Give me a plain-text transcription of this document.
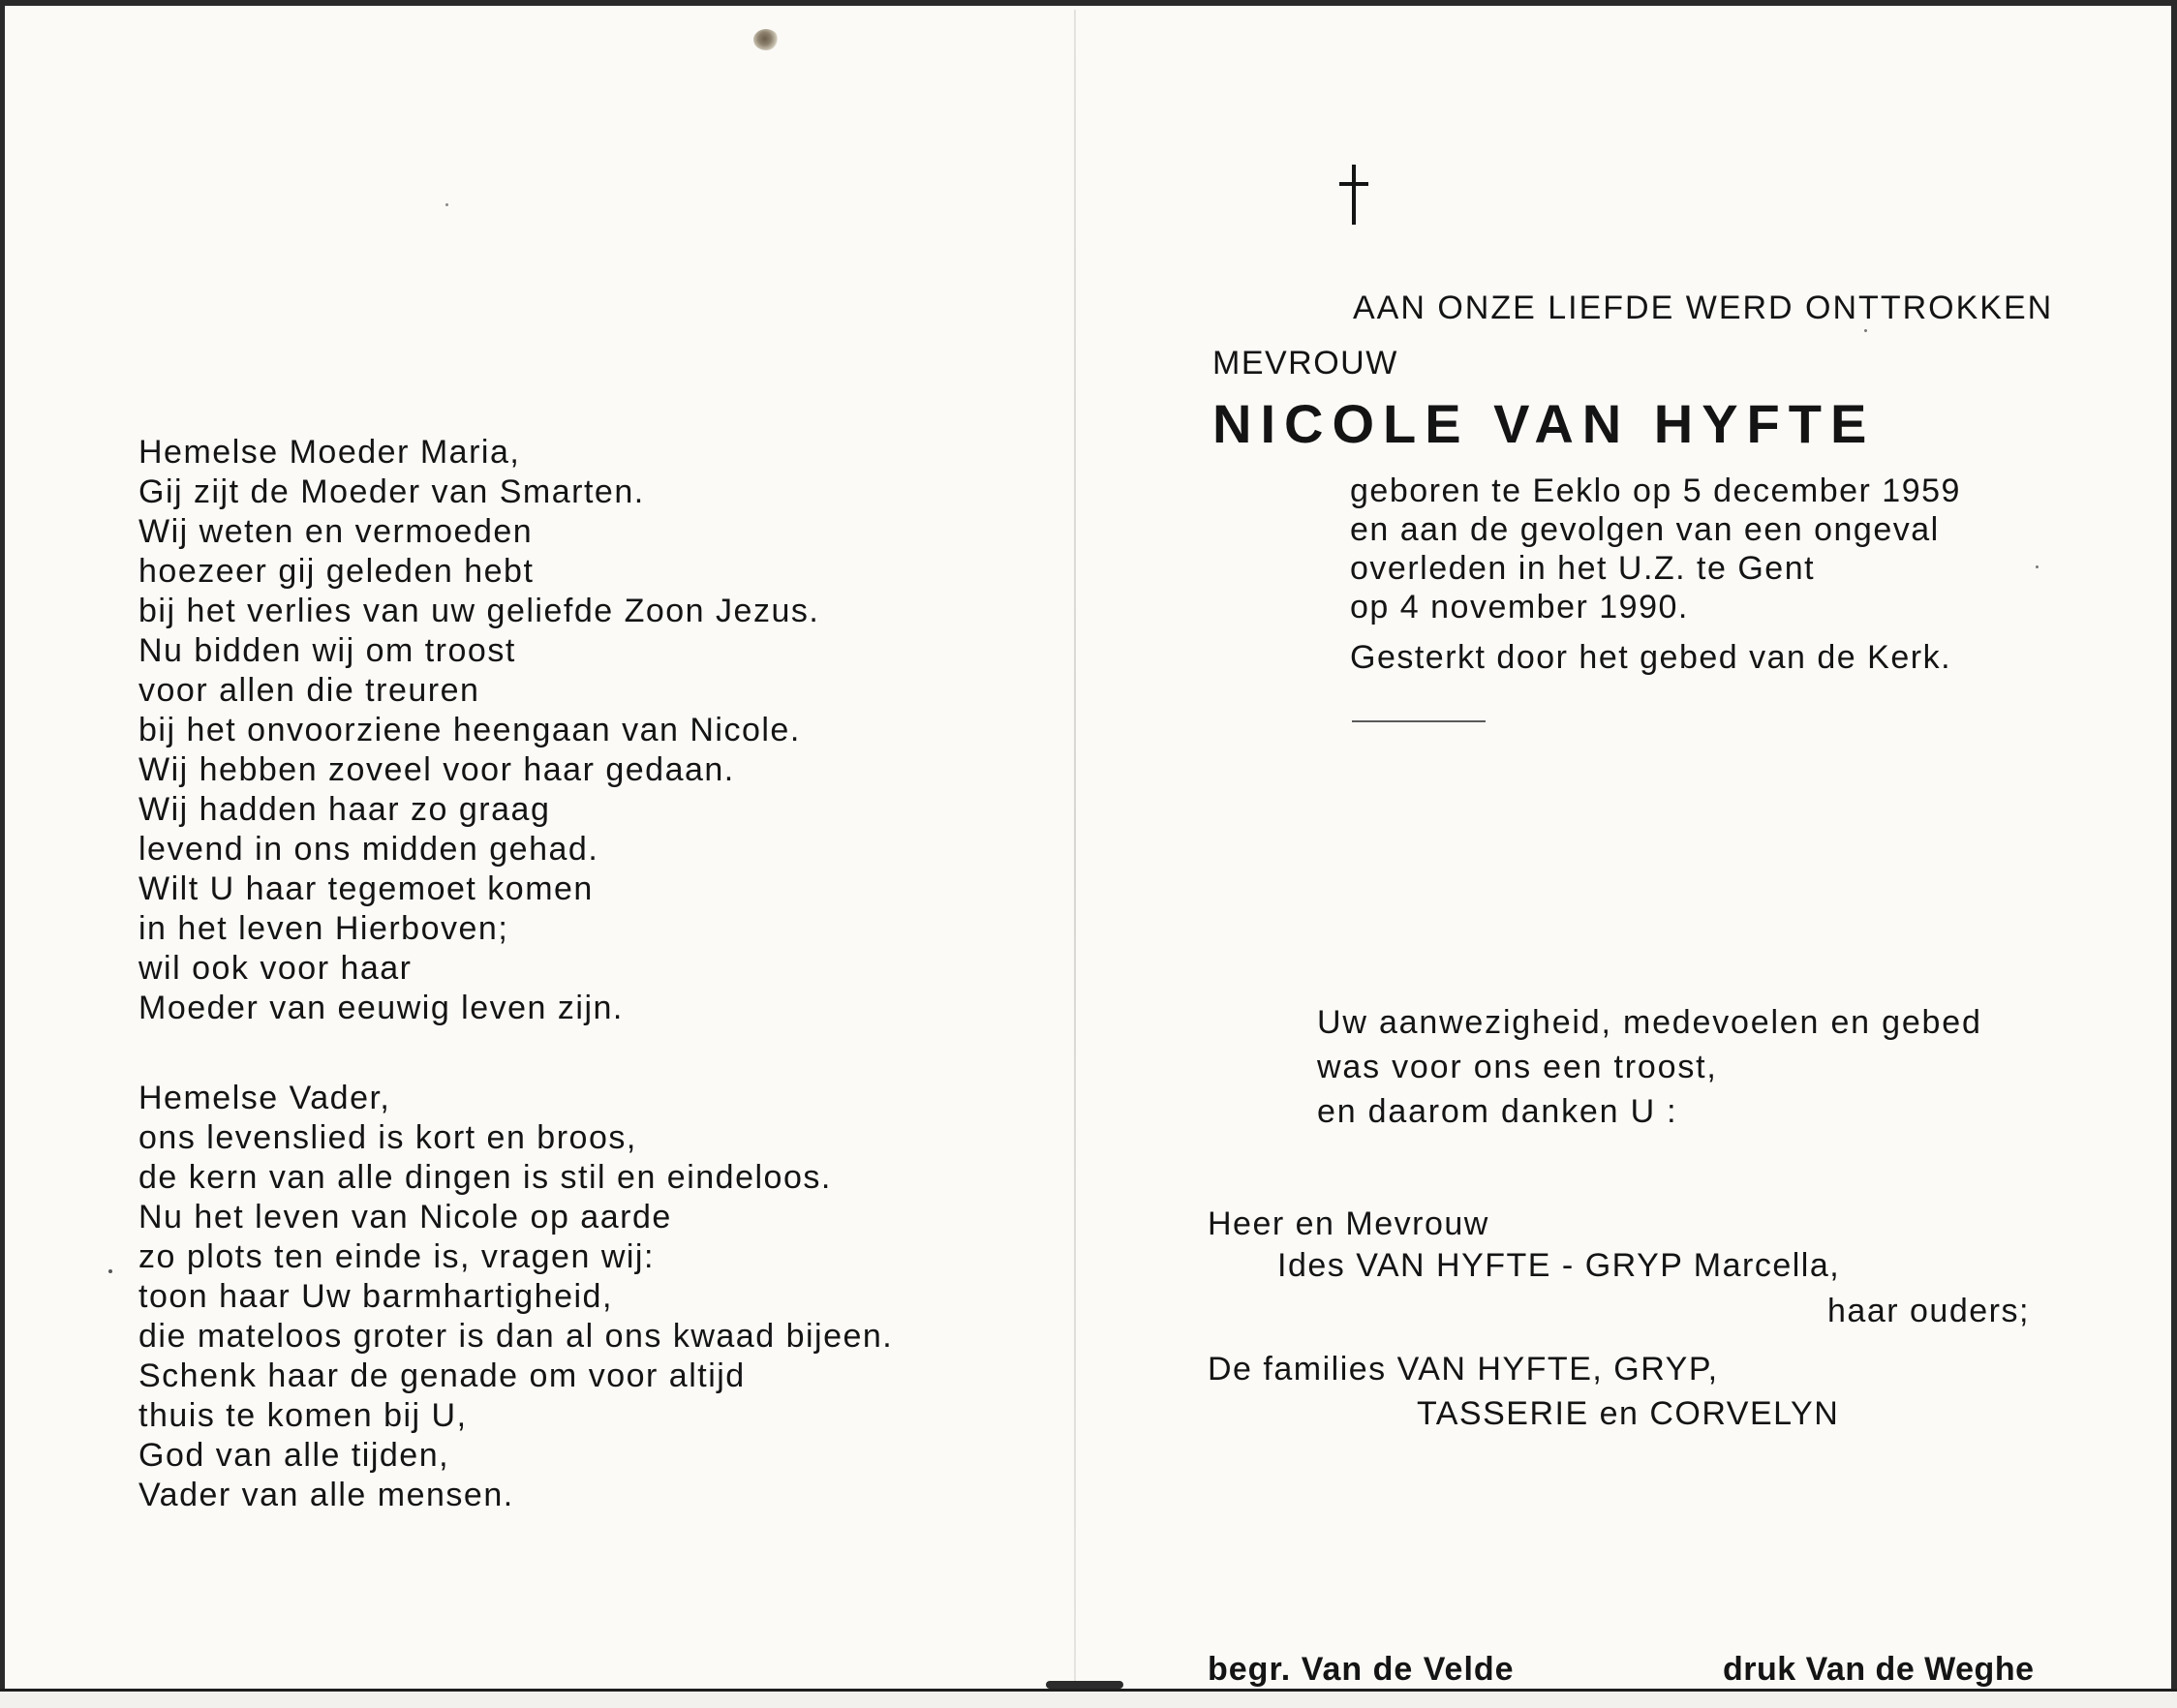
Hemelse Moeder Maria,
Gij zijt de Moeder van Smarten.
Wij weten en vermoeden
hoezeer gij geleden hebt
bij het verlies van uw geliefde Zoon Jezus.
Nu bidden wij om troost
voor allen die treuren
bij het onvoorziene heengaan van Nicole.
Wij hebben zoveel voor haar gedaan.
Wij hadden haar zo graag
levend in ons midden gehad.
Wilt U haar tegemoet komen
in het leven Hierboven;
wil ook voor haar
Moeder van eeuwig leven zijn.
Hemelse Vader,
ons levenslied is kort en broos,
de kern van alle dingen is stil en eindeloos.
Nu het leven van Nicole op aarde
zo plots ten einde is, vragen wij:
toon haar Uw barmhartigheid,
die mateloos groter is dan al ons kwaad bijeen.
Schenk haar de genade om voor altijd
thuis te komen bij U,
God van alle tijden,
Vader van alle mensen.
AAN ONZE LIEFDE WERD ONTTROKKEN
MEVROUW
NICOLE VAN HYFTE
geboren te Eeklo op 5 december 1959
en aan de gevolgen van een ongeval
overleden in het U.Z. te Gent
op 4 november 1990.
Gesterkt door het gebed van de Kerk.
Uw aanwezigheid, medevoelen en gebed
was voor ons een troost,
en daarom danken U :
Heer en Mevrouw
Ides VAN HYFTE - GRYP Marcella,
haar ouders;
De families VAN HYFTE, GRYP,
TASSERIE en CORVELYN
begr. Van de Velde	druk Van de Weghe
